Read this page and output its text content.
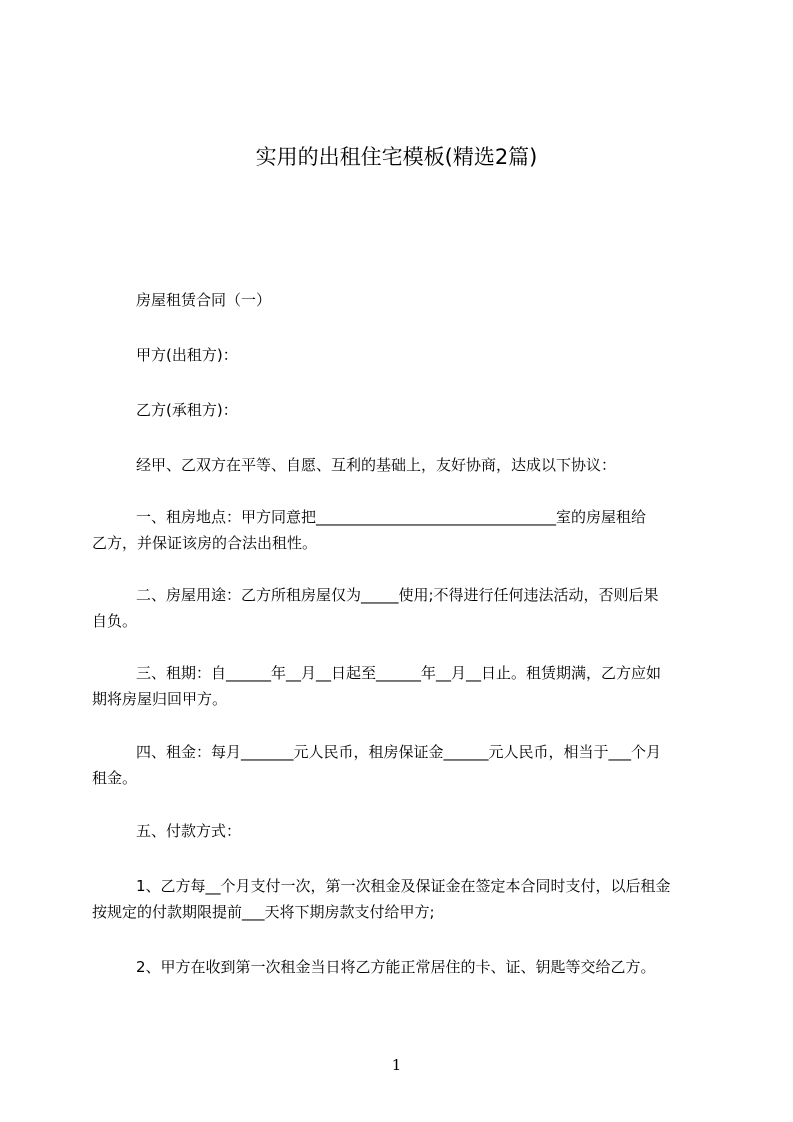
实用的出租住宅模板(精选2篇)
房屋租赁合同（一）
甲方(出租方)：
乙方(承租方)：
经甲、乙双方在平等、自愿、互利的基础上，友好协商，达成以下协议：
一、租房地点：甲方同意把________________________________室的房屋租给
乙方，并保证该房的合法出租性。
二、房屋用途：乙方所租房屋仅为_____使用;不得进行任何违法活动，否则后果
自负。
三、租期：自______年__月__日起至______年__月__日止。租赁期满，乙方应如
期将房屋归回甲方。
四、租金：每月_______元人民币，租房保证金______元人民币，相当于___个月
租金。
五、付款方式：
1、乙方每__个月支付一次，第一次租金及保证金在签定本合同时支付，以后租金
按规定的付款期限提前___天将下期房款支付给甲方;
2、甲方在收到第一次租金当日将乙方能正常居住的卡、证、钥匙等交给乙方。
1
